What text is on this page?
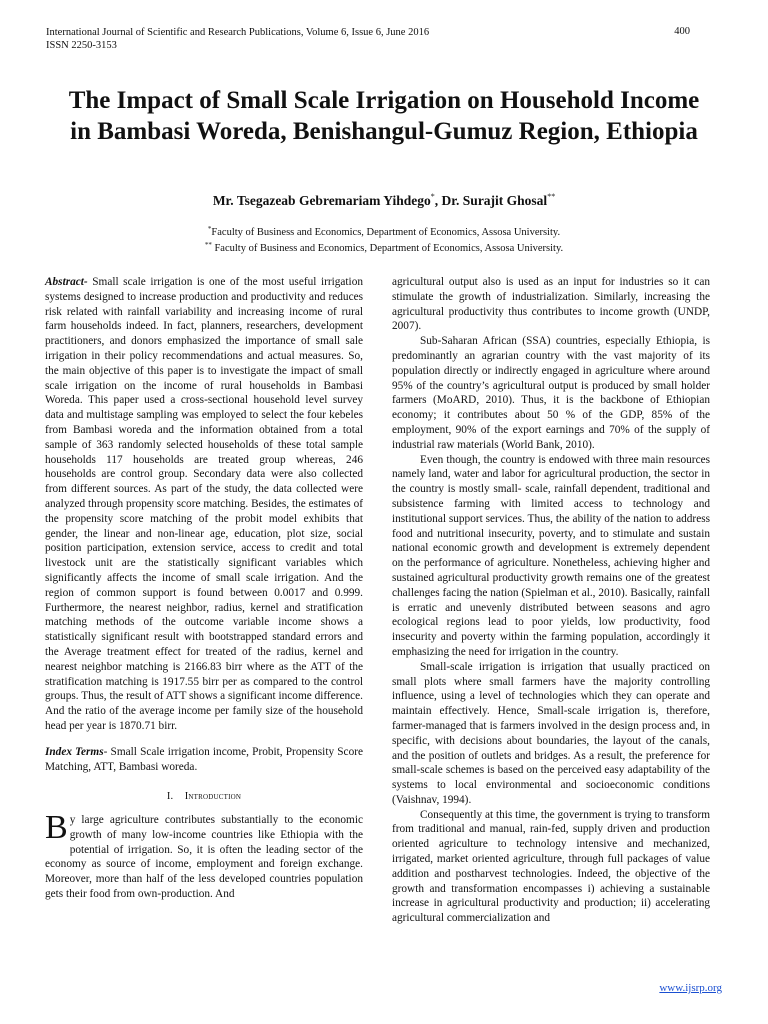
International Journal of Scientific and Research Publications, Volume 6, Issue 6, June 2016
ISSN 2250-3153
400
The Impact of Small Scale Irrigation on Household Income in Bambasi Woreda, Benishangul-Gumuz Region, Ethiopia
Mr. Tsegazeab Gebremariam Yihdego*, Dr. Surajit Ghosal**
*Faculty of Business and Economics, Department of Economics, Assosa University.
** Faculty of Business and Economics, Department of Economics, Assosa University.

Abstract- Small scale irrigation is one of the most useful irrigation systems designed to increase production and productivity and reduces risk related with rainfall variability and increasing income of rural farm households indeed. In fact, planners, researchers, development practitioners, and donors emphasized the importance of small sale irrigation in their policy recommendations and actual measures. So, the main objective of this paper is to investigate the impact of small scale irrigation on the income of rural households in Bambasi Woreda. This paper used a cross-sectional household level survey data and multistage sampling was employed to select the four kebeles from Bambasi woreda and the information obtained from a total sample of 363 randomly selected households of these total sample households 117 households are treated group whereas, 246 households are control group. Secondary data were also collected from different sources. As part of the study, the data collected were analyzed through propensity score matching. Besides, the estimates of the propensity score matching of the probit model exhibits that gender, the linear and non-linear age, education, plot size, social position participation, extension service, access to credit and total livestock unit are the statistically significant variables which significantly affects the income of small scale irrigation. And the region of common support is found between 0.0017 and 0.999. Furthermore, the nearest neighbor, radius, kernel and stratification matching methods of the outcome variable income shows a statistically significant result with bootstrapped standard errors and the Average treatment effect for treated of the radius, kernel and nearest neighbor matching is 2166.83 birr where as the ATT of the stratification matching is 1917.55 birr per as compared to the control groups. Thus, the result of ATT shows a significant income difference. And the ratio of the average income per family size of the household head per year is 1870.71 birr.

Index Terms- Small Scale irrigation income, Probit, Propensity Score Matching, ATT, Bambasi woreda.

I. Introduction

By large agriculture contributes substantially to the economic growth of many low-income countries like Ethiopia with the potential of irrigation. So, it is often the leading sector of the economy as source of income, employment and foreign exchange. Moreover, more than half of the less developed countries population gets their food from own-production. And

agricultural output also is used as an input for industries so it can stimulate the growth of industrialization. Similarly, increasing the agricultural productivity thus contributes to income growth (UNDP, 2007).

Sub-Saharan African (SSA) countries, especially Ethiopia, is predominantly an agrarian country with the vast majority of its population directly or indirectly engaged in agriculture where around 95% of the country’s agricultural output is produced by small holder farmers (MoARD, 2010). Thus, it is the backbone of Ethiopian economy; it contributes about 50 % of the GDP, 85% of the employment, 90% of the export earnings and 70% of the supply of industrial raw materials (World Bank, 2010).

Even though, the country is endowed with three main resources namely land, water and labor for agricultural production, the sector in the country is mostly small- scale, rainfall dependent, traditional and subsistence farming with limited access to technology and institutional support services. Thus, the ability of the nation to address food and nutritional insecurity, poverty, and to stimulate and sustain national economic growth and development is extremely dependent on the performance of agriculture. Nonetheless, achieving higher and sustained agricultural productivity growth remains one of the greatest challenges facing the nation (Spielman et al., 2010). Basically, rainfall is erratic and unevenly distributed between seasons and agro ecological regions lead to poor yields, low productivity, food insecurity and poverty within the farming population, accordingly it emphasizing the need for irrigation in the country.

Small-scale irrigation is irrigation that usually practiced on small plots where small farmers have the majority controlling influence, using a level of technologies which they can operate and maintain effectively. Hence, Small-scale irrigation is, therefore, farmer-managed that is farmers involved in the design process and, in specific, with decisions about boundaries, the layout of the canals, and the position of outlets and bridges. As a result, the preference for small-scale schemes is based on the perceived easy adaptability of the systems to local environmental and socioeconomic conditions (Vaishnav, 1994).

Consequently at this time, the government is trying to transform from traditional and manual, rain-fed, supply driven and production oriented agriculture to technology intensive and mechanized, irrigated, market oriented agriculture, through full packages of value addition and postharvest technologies. Indeed, the objective of the growth and transformation encompasses i) achieving a sustainable increase in agricultural productivity and production; ii) accelerating agricultural commercialization and

www.ijsrp.org
